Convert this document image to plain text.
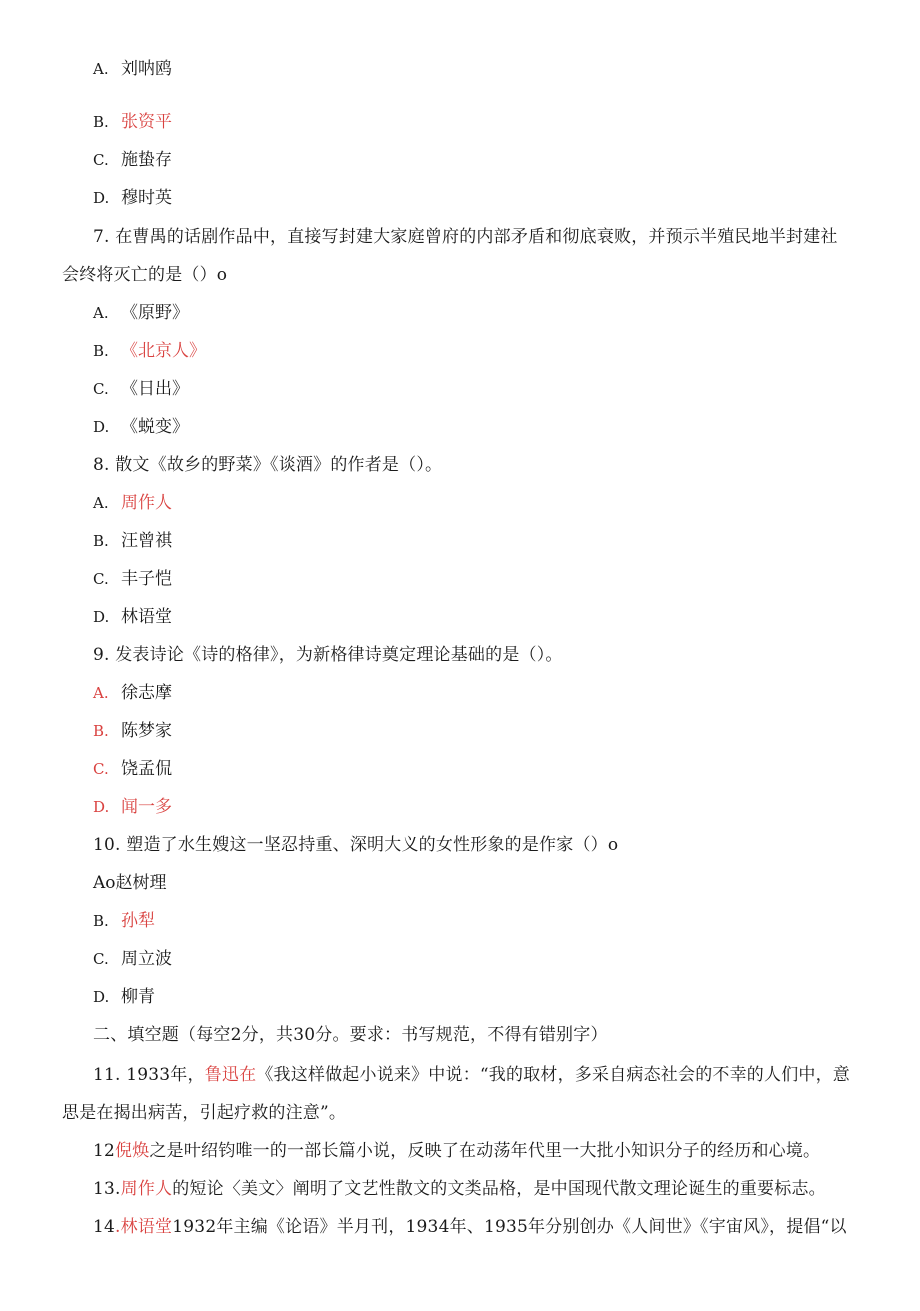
A. 刘呐鸥
B. 张资平
C. 施蛰存
D. 穆时英
7. 在曹禺的话剧作品中，直接写封建大家庭曾府的内部矛盾和彻底衰败，并预示半殖民地半封建社
会终将灭亡的是（）o
A. 《原野》
B. 《北京人》
C. 《日出》
D. 《蜕变》
8. 散文《故乡的野菜》《谈酒》的作者是（）。
A. 周作人
B. 汪曾祺
C. 丰子恺
D. 林语堂
9. 发表诗论《诗的格律》，为新格律诗奠定理论基础的是（）。
A. 徐志摩
B. 陈梦家
C. 饶孟侃
D. 闻一多
10. 塑造了水生嫂这一坚忍持重、深明大义的女性形象的是作家（）o
Ao赵树理
B. 孙犁
C. 周立波
D. 柳青
二、填空题（每空2分，共30分。要求：书写规范，不得有错别字）
11. 1933年，鲁迅在《我这样做起小说来》中说：“我的取材，多采自病态社会的不幸的人们中，意
思是在揭出病苦，引起疗救的注意”。
12倪焕之是叶绍钧唯一的一部长篇小说，反映了在动荡年代里一大批小知识分子的经历和心境。
13.周作人的短论〈美文〉阐明了文艺性散文的文类品格，是中国现代散文理论诞生的重要标志。
14.林语堂1932年主编《论语》半月刊，1934年、1935年分别创办《人间世》《宇宙风》，提倡“以
